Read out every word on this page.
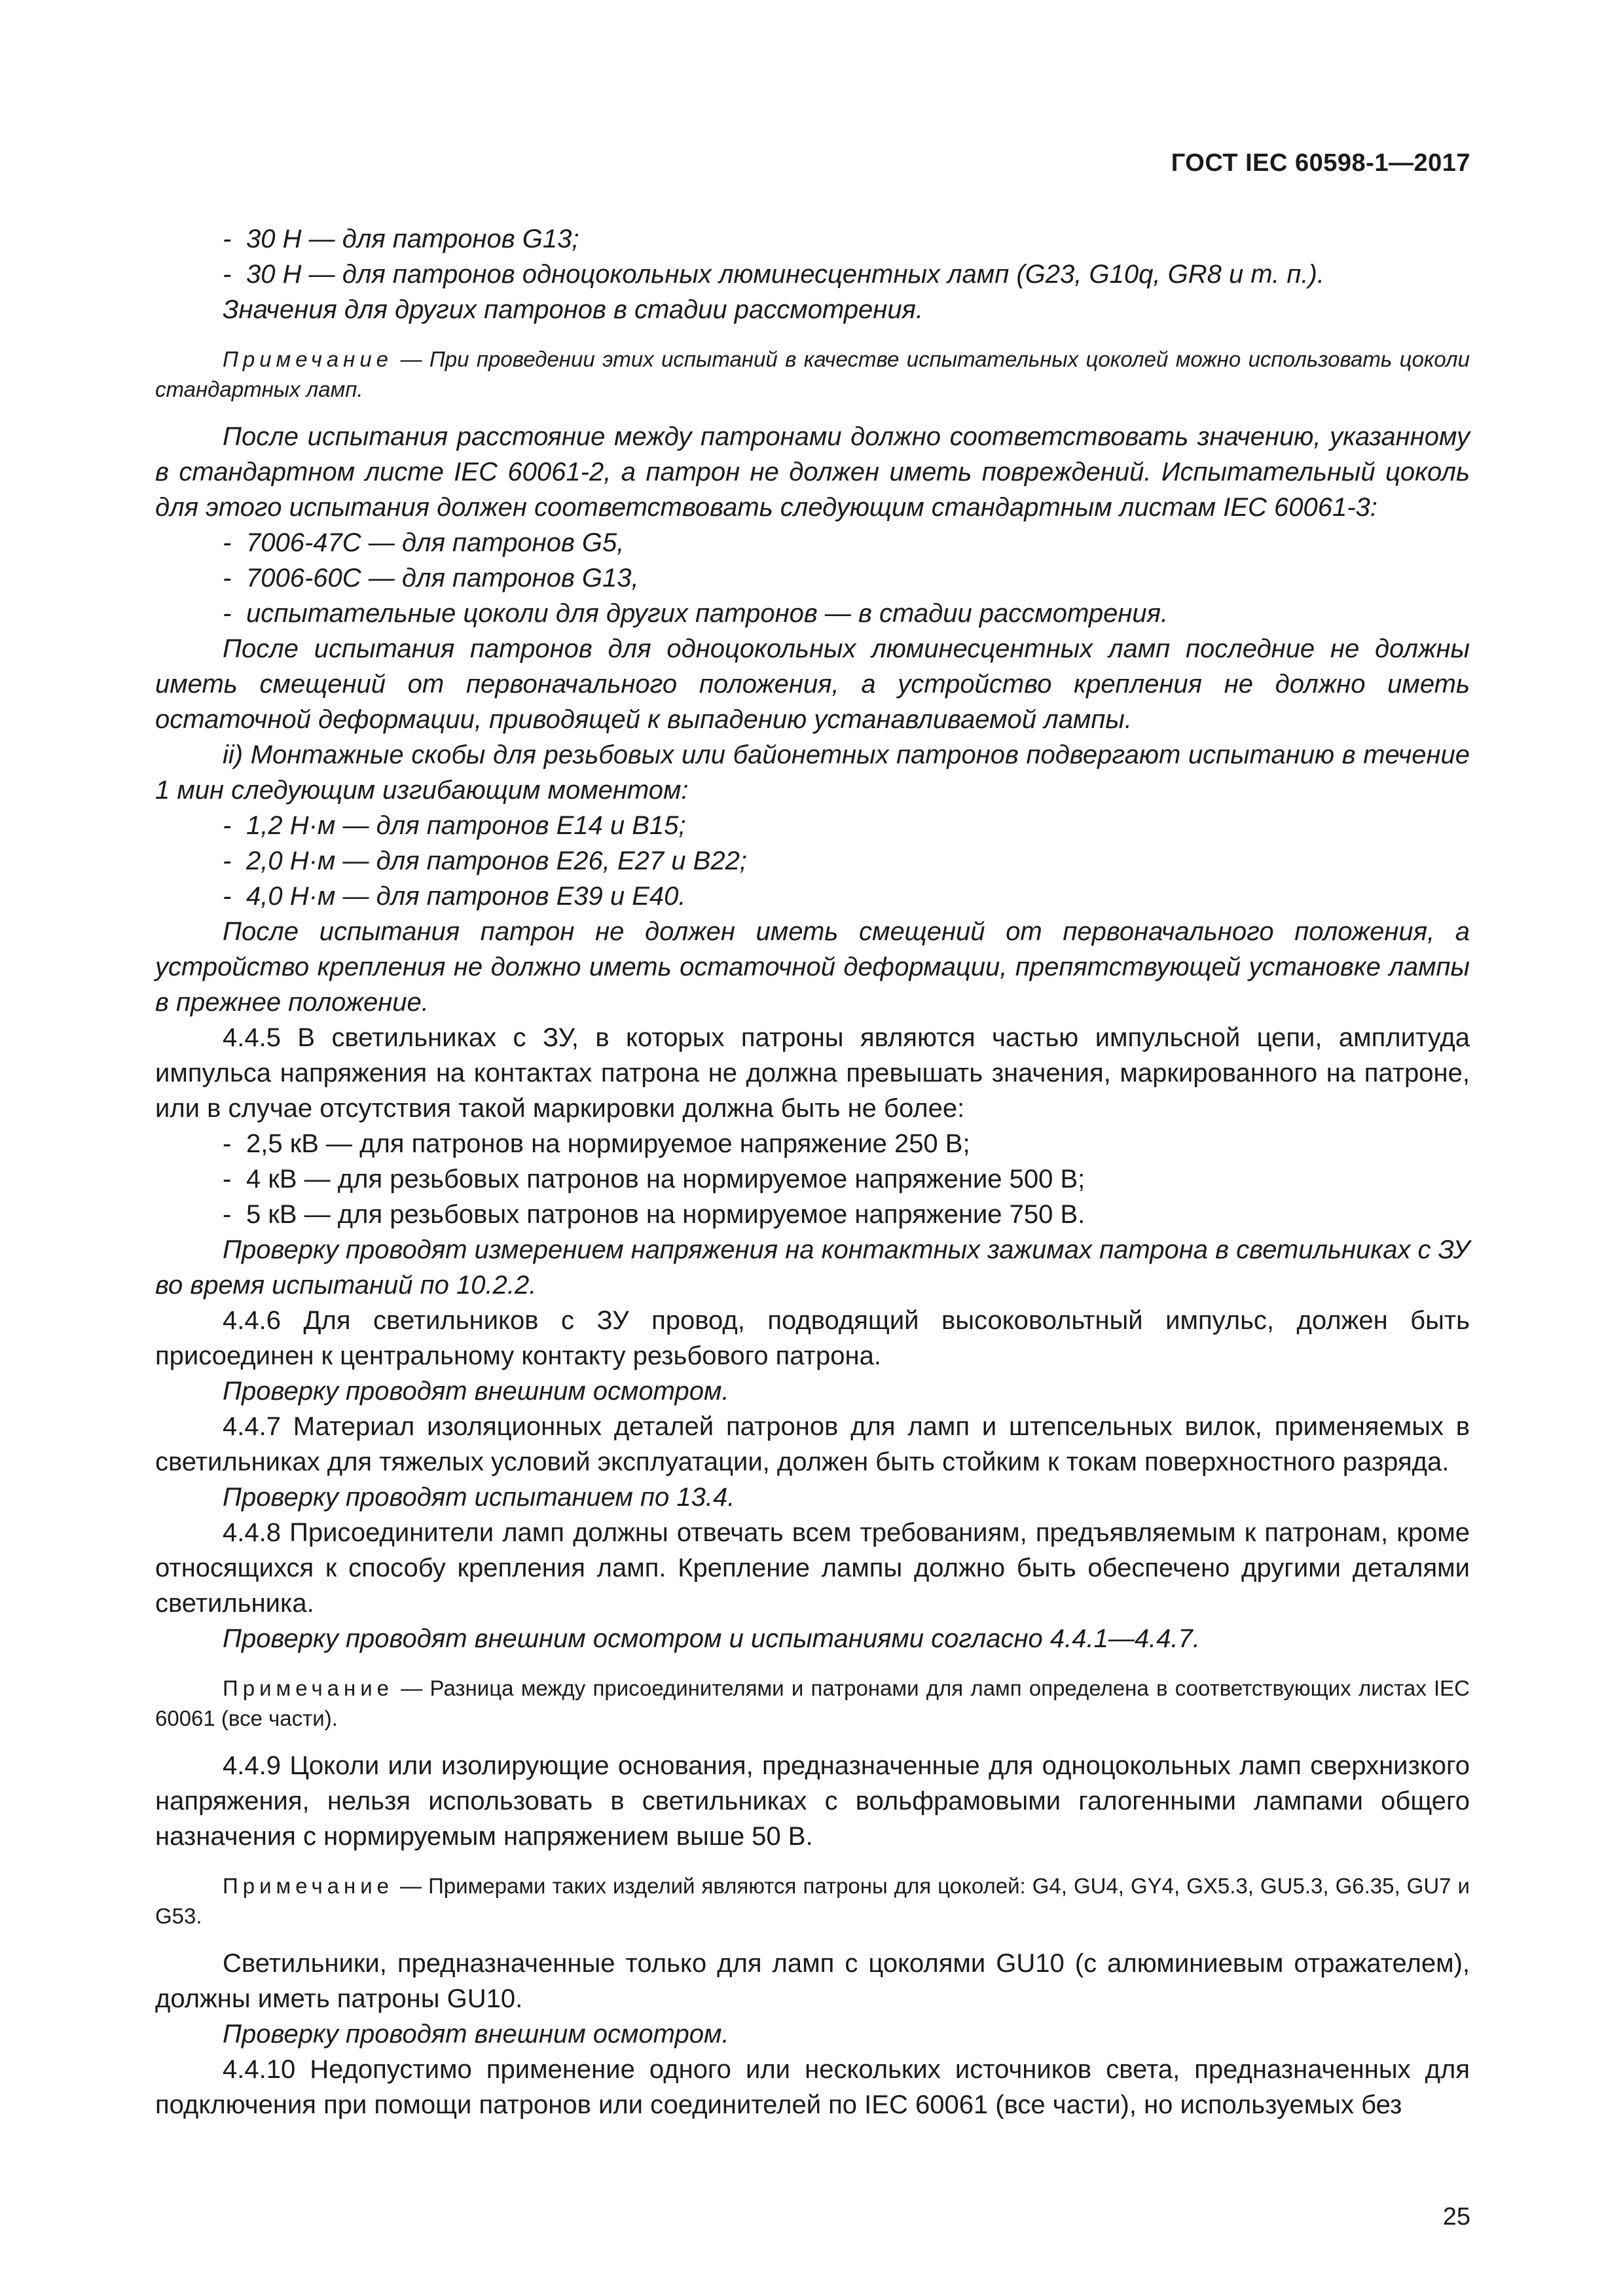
ГОСТ IEC 60598-1—2017

- 30 Н — для патронов G13;

- 30 Н — для патронов одноцокольных люминесцентных ламп (G23, G10q, GR8 и т. п.).

Значения для других патронов в стадии рассмотрения.

Примечание — При проведении этих испытаний в качестве испытательных цоколей можно использовать цоколи стандартных ламп.

После испытания расстояние между патронами должно соответствовать значению, указанному в стандартном листе IEC 60061-2, а патрон не должен иметь повреждений. Испытательный цоколь для этого испытания должен соответствовать следующим стандартным листам IEC 60061-3:

- 7006-47C — для патронов G5,

- 7006-60C — для патронов G13,

- испытательные цоколи для других патронов — в стадии рассмотрения.

После испытания патронов для одноцокольных люминесцентных ламп последние не должны иметь смещений от первоначального положения, а устройство крепления не должно иметь остаточной деформации, приводящей к выпадению устанавливаемой лампы.

ii) Монтажные скобы для резьбовых или байонетных патронов подвергают испытанию в течение 1 мин следующим изгибающим моментом:

- 1,2 Н·м — для патронов E14 и B15;

- 2,0 Н·м — для патронов E26, E27 и B22;

- 4,0 Н·м — для патронов E39 и E40.

После испытания патрон не должен иметь смещений от первоначального положения, а устройство крепления не должно иметь остаточной деформации, препятствующей установке лампы в прежнее положение.

4.4.5 В светильниках с ЗУ, в которых патроны являются частью импульсной цепи, амплитуда импульса напряжения на контактах патрона не должна превышать значения, маркированного на патроне, или в случае отсутствия такой маркировки должна быть не более:

- 2,5 кВ — для патронов на нормируемое напряжение 250 В;

- 4 кВ — для резьбовых патронов на нормируемое напряжение 500 В;

- 5 кВ — для резьбовых патронов на нормируемое напряжение 750 В.

Проверку проводят измерением напряжения на контактных зажимах патрона в светильниках с ЗУ во время испытаний по 10.2.2.

4.4.6 Для светильников с ЗУ провод, подводящий высоковольтный импульс, должен быть присоединен к центральному контакту резьбового патрона.

Проверку проводят внешним осмотром.

4.4.7 Материал изоляционных деталей патронов для ламп и штепсельных вилок, применяемых в светильниках для тяжелых условий эксплуатации, должен быть стойким к токам поверхностного разряда.

Проверку проводят испытанием по 13.4.

4.4.8 Присоединители ламп должны отвечать всем требованиям, предъявляемым к патронам, кроме относящихся к способу крепления ламп. Крепление лампы должно быть обеспечено другими деталями светильника.

Проверку проводят внешним осмотром и испытаниями согласно 4.4.1—4.4.7.

Примечание — Разница между присоединителями и патронами для ламп определена в соответствующих листах IEC 60061 (все части).

4.4.9 Цоколи или изолирующие основания, предназначенные для одноцокольных ламп сверхнизкого напряжения, нельзя использовать в светильниках с вольфрамовыми галогенными лампами общего назначения с нормируемым напряжением выше 50 В.

Примечание — Примерами таких изделий являются патроны для цоколей: G4, GU4, GY4, GX5.3, GU5.3, G6.35, GU7 и G53.

Светильники, предназначенные только для ламп с цоколями GU10 (с алюминиевым отражателем), должны иметь патроны GU10.

Проверку проводят внешним осмотром.

4.4.10 Недопустимо применение одного или нескольких источников света, предназначенных для подключения при помощи патронов или соединителей по IEC 60061 (все части), но используемых без

25
